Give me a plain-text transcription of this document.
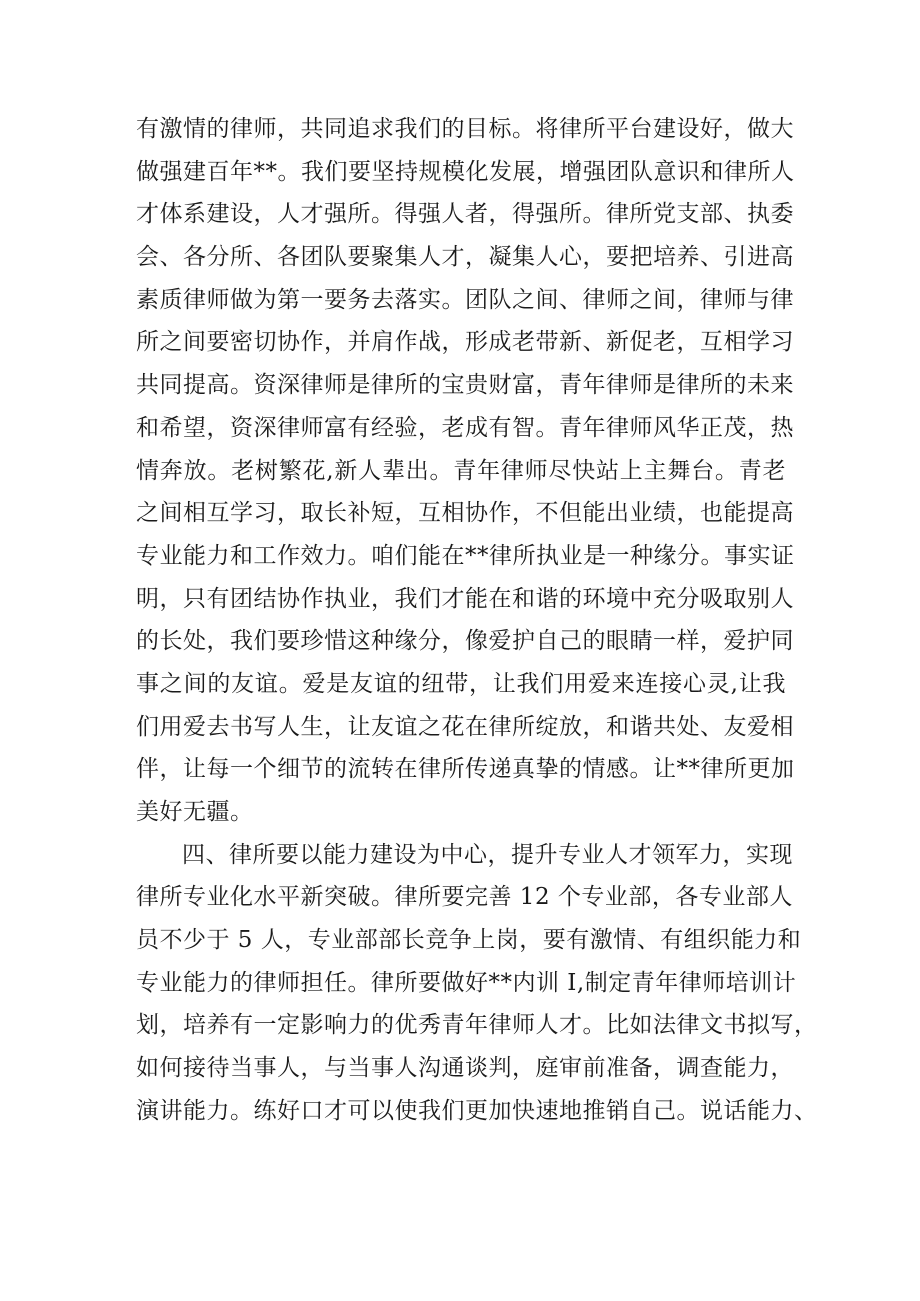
有激情的律师，共同追求我们的目标。将律所平台建设好，做大
做强建百年**。我们要坚持规模化发展，增强团队意识和律所人
才体系建设，人才强所。得强人者，得强所。律所党支部、执委
会、各分所、各团队要聚集人才，凝集人心，要把培养、引进高
素质律师做为第一要务去落实。团队之间、律师之间，律师与律
所之间要密切协作，并肩作战，形成老带新、新促老，互相学习
共同提高。资深律师是律所的宝贵财富，青年律师是律所的未来
和希望，资深律师富有经验，老成有智。青年律师风华正茂，热
情奔放。老树繁花,新人辈出。青年律师尽快站上主舞台。青老
之间相互学习，取长补短，互相协作，不但能出业绩，也能提高
专业能力和工作效力。咱们能在**律所执业是一种缘分。事实证
明，只有团结协作执业，我们才能在和谐的环境中充分吸取别人
的长处，我们要珍惜这种缘分，像爱护自己的眼睛一样，爱护同
事之间的友谊。爱是友谊的纽带，让我们用爱来连接心灵,让我
们用爱去书写人生，让友谊之花在律所绽放，和谐共处、友爱相
伴，让每一个细节的流转在律所传递真挚的情感。让**律所更加
美好无疆。
四、律所要以能力建设为中心，提升专业人才领军力，实现
律所专业化水平新突破。律所要完善 12 个专业部，各专业部人
员不少于 5 人，专业部部长竞争上岗，要有激情、有组织能力和
专业能力的律师担任。律所要做好**内训 I,制定青年律师培训计
划，培养有一定影响力的优秀青年律师人才。比如法律文书拟写，
如何接待当事人，与当事人沟通谈判，庭审前准备，调查能力，
演讲能力。练好口才可以使我们更加快速地推销自己。说话能力、
